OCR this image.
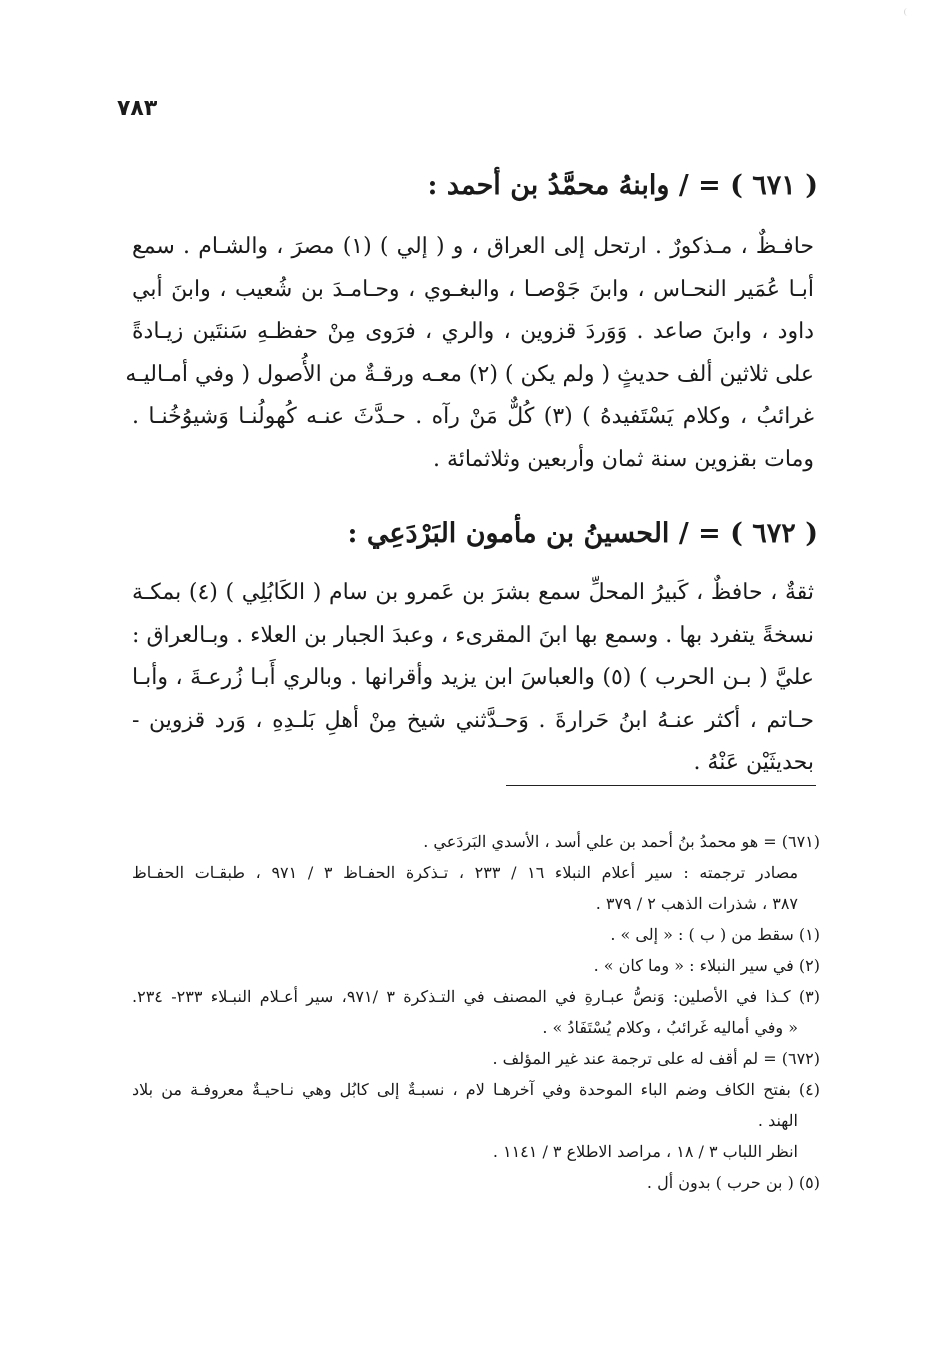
٧٨٣
( ٦٧١ ) = / وابنهُ محمَّدُ بن أحمد :
حافـظٌ ، مـذكورٌ . ارتحل إلى العراق ، و ( إلي ) (١) مصرَ ، والشـام . سمع
أبـا عُمَير النحـاس ، وابنَ جَوْصـا ، والبغـوي ، وحـامـدَ بن شُعيب ، وابنَ أبي
داود ، وابنَ صاعد . وَوَردَ قزوين ، والري ، فرَوى مِنْ حفظـهِ سَنتَين زيـادةً
على ثلاثين ألف حديثٍ ( ولم يكن ) (٢) معـه ورقـةٌ من الأُصول ( وفي أمـاليـه
غرائبُ ، وكلام يَسْتَفيدهُ ) (٣) كُلٌّ مَنْ رآه . حـدَّثَ عنـه كُهولُنـا وَشيوُخُنـا .
ومات بقزوين سنة ثمان وأربعين وثلاثمائة .
( ٦٧٢ ) = / الحسينُ بن مأمون البَرْدَعِي :
ثقةٌ ، حافظٌ ، كَبيرُ المحلِّ سمع بشرَ بن عَمرو بن سام ( الكَابُلِي ) (٤) بمكـة
نسخةً يتفرد بها . وسمع بها ابنَ المقرىء ، وعبدَ الجبار بن العلاء . وبـالعراق :
عليَّ ( بـن الحرب ) (٥) والعباسَ ابن يزيد وأقرانها . وبالري أَبـا زُرعـةَ ، وأبـا
حـاتم ، أكثر عنـهُ ابنُ حَرارةَ . وَحـدَّثني شيخ مِنْ أهلِ بَلـدِهِ ، وَرد قزوين -
بحديثَيْن عَنْهُ .
(٦٧١) = هو محمدُ بنُ أحمد بن علي أسد ، الأسدي البَردَعي .
مصادر ترجمته : سير أعلام النبلاء ١٦ / ٢٣٣ ، تـذكرة الحفـاظ ٣ / ٩٧١ ، طبقـات الحفـاظ
٣٨٧ ، شذرات الذهب ٢ / ٣٧٩ .
(١) سقط من ( ب ) : « إلى » .
(٢) في سير النبلاء : « وما كان » .
(٣) كـذا في الأصلين: وَنصُّ عبـارةِ في المصنف في التـذكرة ٣ /٩٧١، سير أعـلام النبـلاء ٢٣٣- ٢٣٤.
« وفي أماليه غَرائبُ ، وكلام يُسْتَفَادُ » .
(٦٧٢) = لم أقف له على ترجمة عند غير المؤلف .
(٤) بفتح الكاف وضم الباء الموحدة وفي آخرهـا لام ، نسبـةٌ إلى كابُل وهي نـاحيـةٌ معروفـة من بلاد
الهند .
انظر اللباب ٣ / ١٨ ، مراصد الاطلاع ٣ / ١١٤١ .
(٥) ( بن حرب ) بدون أل .
